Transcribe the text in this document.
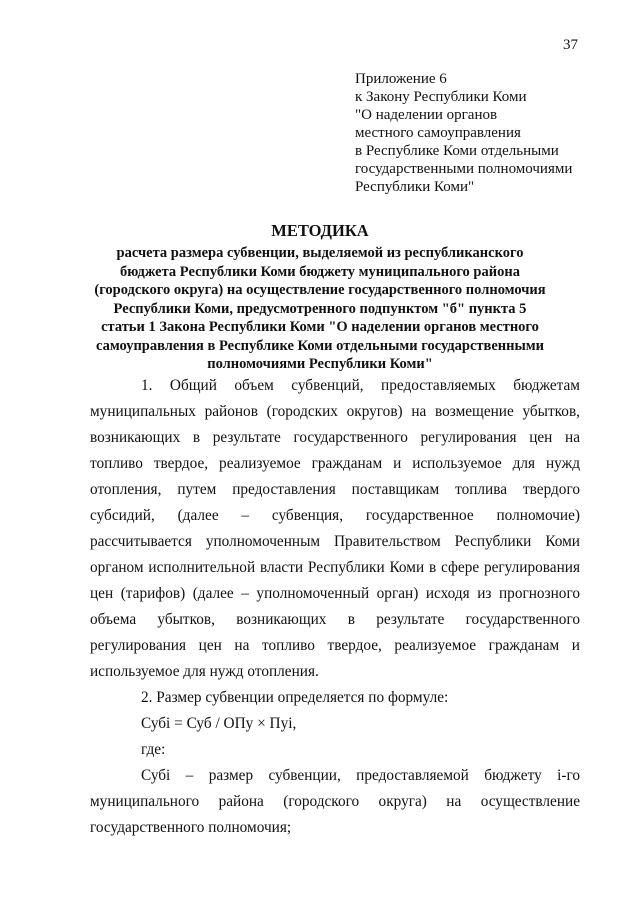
37
Приложение 6
к Закону Республики Коми
"О наделении органов
местного самоуправления
в Республике Коми отдельными
государственными полномочиями
Республики Коми"
МЕТОДИКА
расчета размера субвенции, выделяемой из республиканского
бюджета Республики Коми бюджету муниципального района
(городского округа) на осуществление государственного полномочия
Республики Коми, предусмотренного подпунктом "б" пункта 5
статьи 1 Закона Республики Коми "О наделении органов местного
самоуправления в Республике Коми отдельными государственными
полномочиями Республики Коми"
1. Общий объем субвенций, предоставляемых бюджетам
муниципальных районов (городских округов) на возмещение убытков,
возникающих в результате государственного регулирования цен на
топливо твердое, реализуемое гражданам и используемое для нужд
отопления, путем предоставления поставщикам топлива твердого
субсидий, (далее – субвенция, государственное полномочие)
рассчитывается уполномоченным Правительством Республики Коми
органом исполнительной власти Республики Коми в сфере регулирования
цен (тарифов) (далее – уполномоченный орган) исходя из прогнозного
объема убытков, возникающих в результате государственного
регулирования цен на топливо твердое, реализуемое гражданам и
используемое для нужд отопления.
2. Размер субвенции определяется по формуле:
Субi = Суб / ОПу × Пуi,
где:
Субi – размер субвенции, предоставляемой бюджету i-го
муниципального района (городского округа) на осуществление
государственного полномочия;
